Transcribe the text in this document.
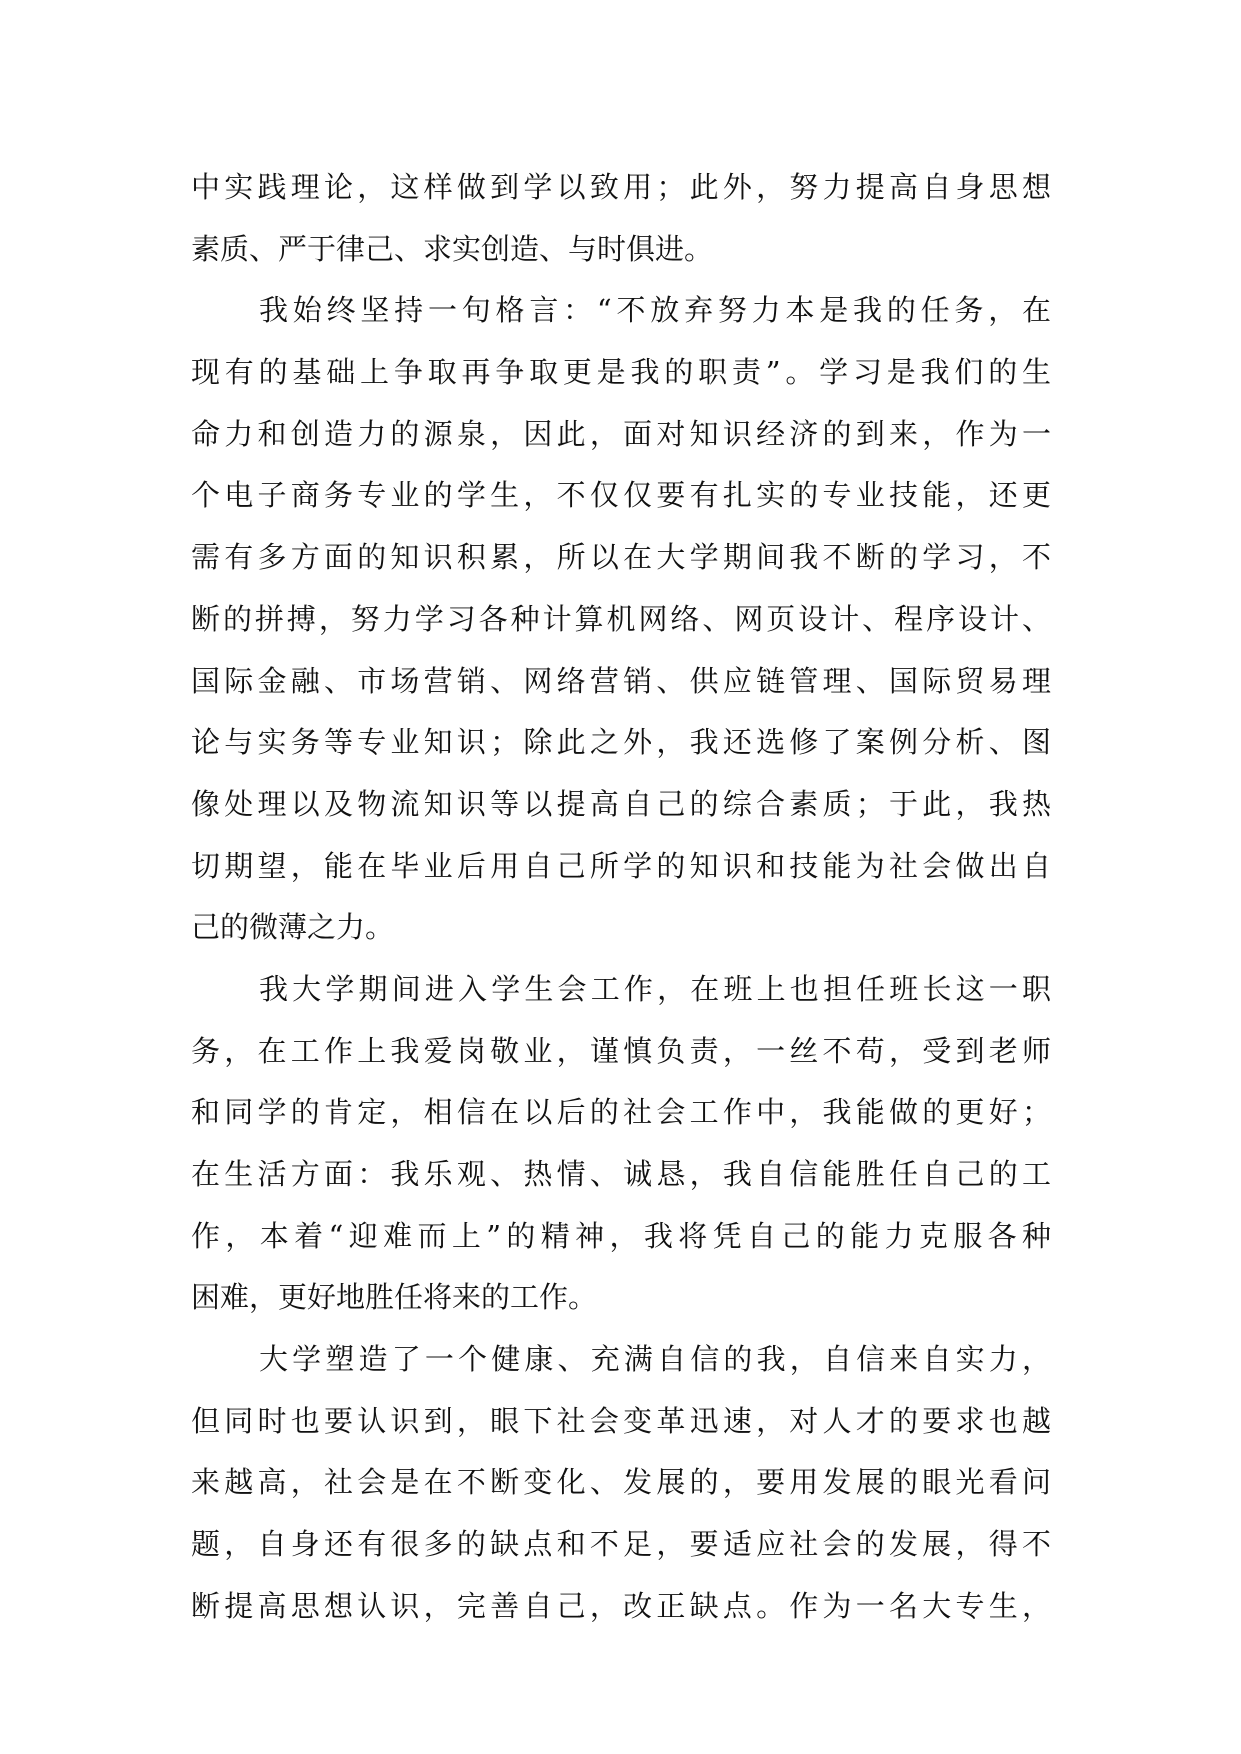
中实践理论，这样做到学以致用；此外，努力提高自身思想
素质、严于律己、求实创造、与时俱进。
我始终坚持一句格言：“不放弃努力本是我的任务，在
现有的基础上争取再争取更是我的职责”。学习是我们的生
命力和创造力的源泉，因此，面对知识经济的到来，作为一
个电子商务专业的学生，不仅仅要有扎实的专业技能，还更
需有多方面的知识积累，所以在大学期间我不断的学习，不
断的拼搏，努力学习各种计算机网络、网页设计、程序设计、
国际金融、市场营销、网络营销、供应链管理、国际贸易理
论与实务等专业知识；除此之外，我还选修了案例分析、图
像处理以及物流知识等以提高自己的综合素质；于此，我热
切期望，能在毕业后用自己所学的知识和技能为社会做出自
己的微薄之力。
我大学期间进入学生会工作，在班上也担任班长这一职
务，在工作上我爱岗敬业，谨慎负责，一丝不苟，受到老师
和同学的肯定，相信在以后的社会工作中，我能做的更好；
在生活方面：我乐观、热情、诚恳，我自信能胜任自己的工
作，本着“迎难而上”的精神，我将凭自己的能力克服各种
困难，更好地胜任将来的工作。
大学塑造了一个健康、充满自信的我，自信来自实力，
但同时也要认识到，眼下社会变革迅速，对人才的要求也越
来越高，社会是在不断变化、发展的，要用发展的眼光看问
题，自身还有很多的缺点和不足，要适应社会的发展，得不
断提高思想认识，完善自己，改正缺点。作为一名大专生，
